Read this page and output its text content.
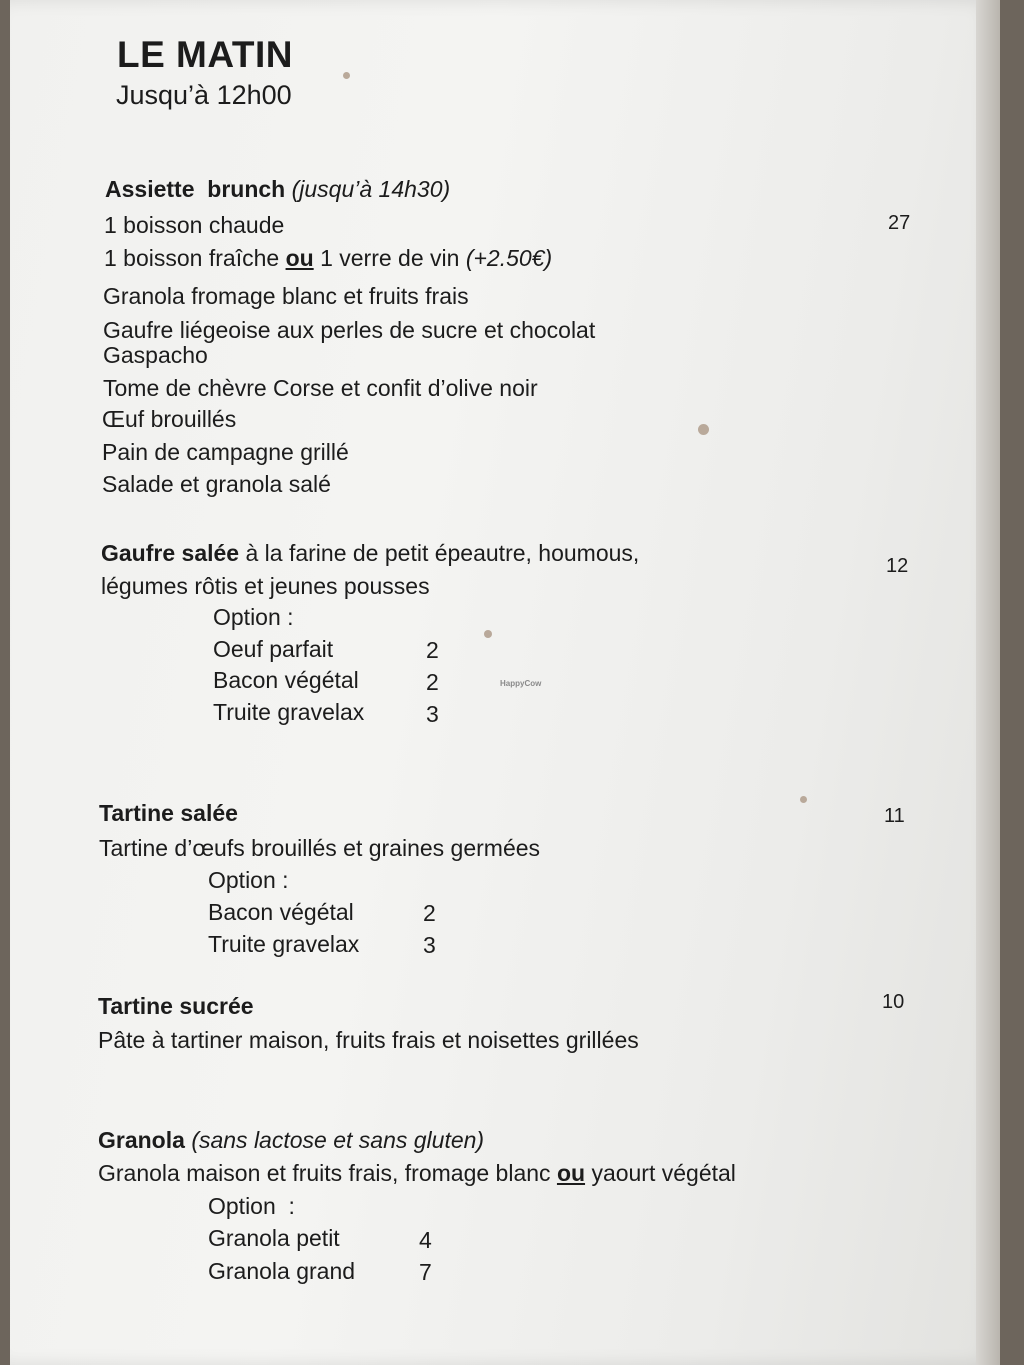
HappyCow
LE MATIN
Jusqu’à 12h00
Assiette  brunch (jusqu’à 14h30)
27
1 boisson chaude
1 boisson fraîche ou 1 verre de vin (+2.50€)
Granola fromage blanc et fruits frais
Gaufre liégeoise aux perles de sucre et chocolat
Gaspacho
Tome de chèvre Corse et confit d’olive noir
Œuf brouillés
Pain de campagne grillé
Salade et granola salé
Gaufre salée à la farine de petit épeautre, houmous,
légumes rôtis et jeunes pousses
12
Option :
Oeuf parfait	2
Bacon végétal	2
Truite gravelax	3
Tartine salée	11
Tartine d’œufs brouillés et graines germées
Option :
Bacon végétal	2
Truite gravelax	3
Tartine sucrée	10
Pâte à tartiner maison, fruits frais et noisettes grillées
Granola (sans lactose et sans gluten)
Granola maison et fruits frais, fromage blanc ou yaourt végétal
Option  :
Granola petit	4
Granola grand	7
